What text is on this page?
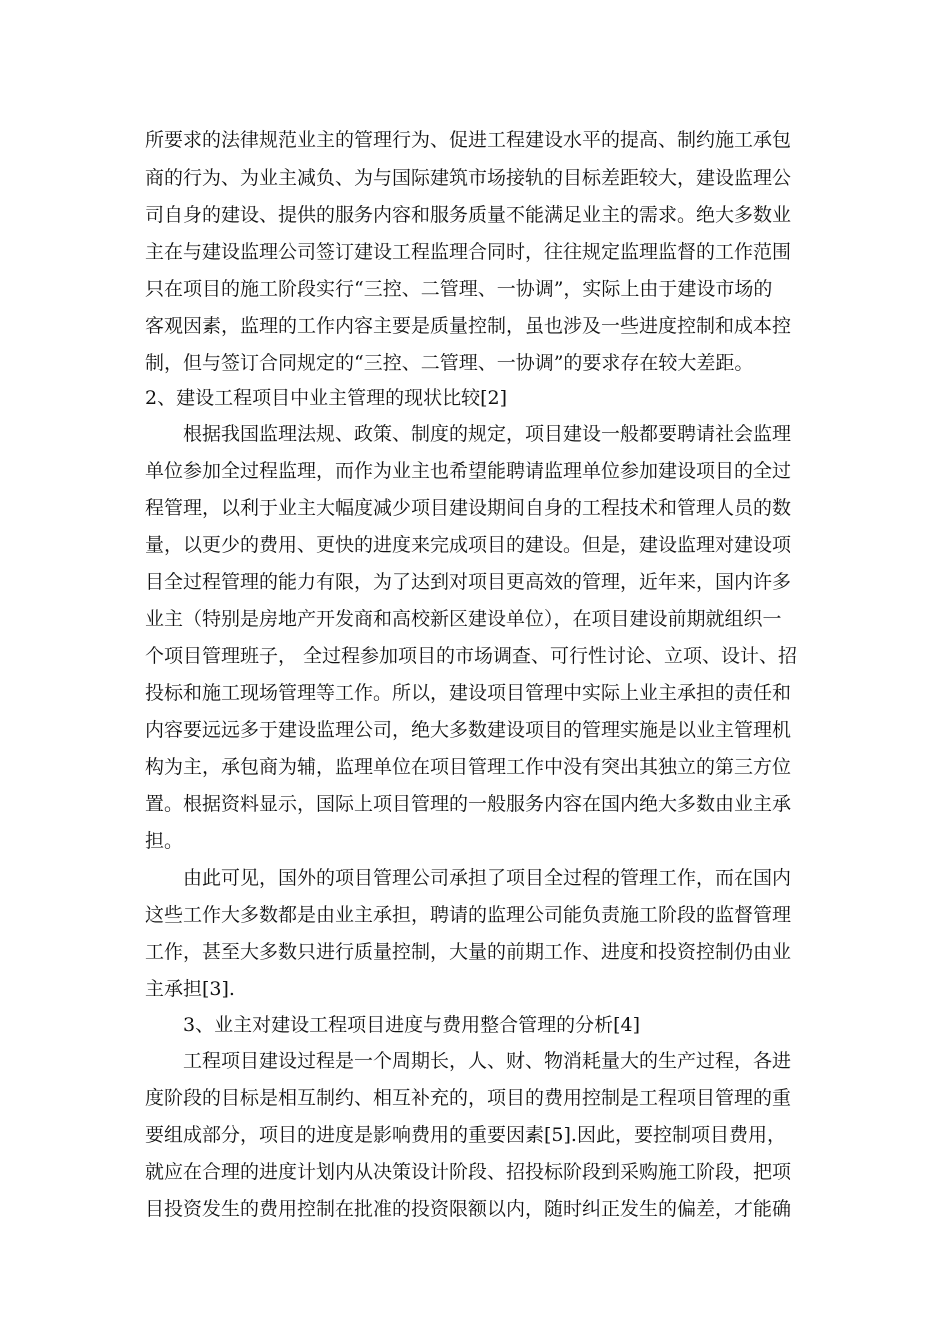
所要求的法律规范业主的管理行为、促进工程建设水平的提高、制约施工承包
商的行为、为业主减负、为与国际建筑市场接轨的目标差距较大，建设监理公
司自身的建设、提供的服务内容和服务质量不能满足业主的需求。绝大多数业
主在与建设监理公司签订建设工程监理合同时，往往规定监理监督的工作范围
只在项目的施工阶段实行“三控、二管理、一协调”，实际上由于建设市场的
客观因素，监理的工作内容主要是质量控制，虽也涉及一些进度控制和成本控
制，但与签订合同规定的“三控、二管理、一协调”的要求存在较大差距。
2、建设工程项目中业主管理的现状比较[2]
根据我国监理法规、政策、制度的规定，项目建设一般都要聘请社会监理
单位参加全过程监理，而作为业主也希望能聘请监理单位参加建设项目的全过
程管理，以利于业主大幅度减少项目建设期间自身的工程技术和管理人员的数
量，以更少的费用、更快的进度来完成项目的建设。但是，建设监理对建设项
目全过程管理的能力有限，为了达到对项目更高效的管理，近年来，国内许多
业主（特别是房地产开发商和高校新区建设单位），在项目建设前期就组织一
个项目管理班子， 全过程参加项目的市场调查、可行性讨论、立项、设计、招
投标和施工现场管理等工作。所以，建设项目管理中实际上业主承担的责任和
内容要远远多于建设监理公司，绝大多数建设项目的管理实施是以业主管理机
构为主，承包商为辅，监理单位在项目管理工作中没有突出其独立的第三方位
置。根据资料显示，国际上项目管理的一般服务内容在国内绝大多数由业主承
担。
由此可见，国外的项目管理公司承担了项目全过程的管理工作，而在国内
这些工作大多数都是由业主承担，聘请的监理公司能负责施工阶段的监督管理
工作，甚至大多数只进行质量控制，大量的前期工作、进度和投资控制仍由业
主承担[3].
3、业主对建设工程项目进度与费用整合管理的分析[4]
工程项目建设过程是一个周期长，人、财、物消耗量大的生产过程，各进
度阶段的目标是相互制约、相互补充的，项目的费用控制是工程项目管理的重
要组成部分，项目的进度是影响费用的重要因素[5].因此，要控制项目费用，
就应在合理的进度计划内从决策设计阶段、招投标阶段到采购施工阶段，把项
目投资发生的费用控制在批准的投资限额以内，随时纠正发生的偏差，才能确
